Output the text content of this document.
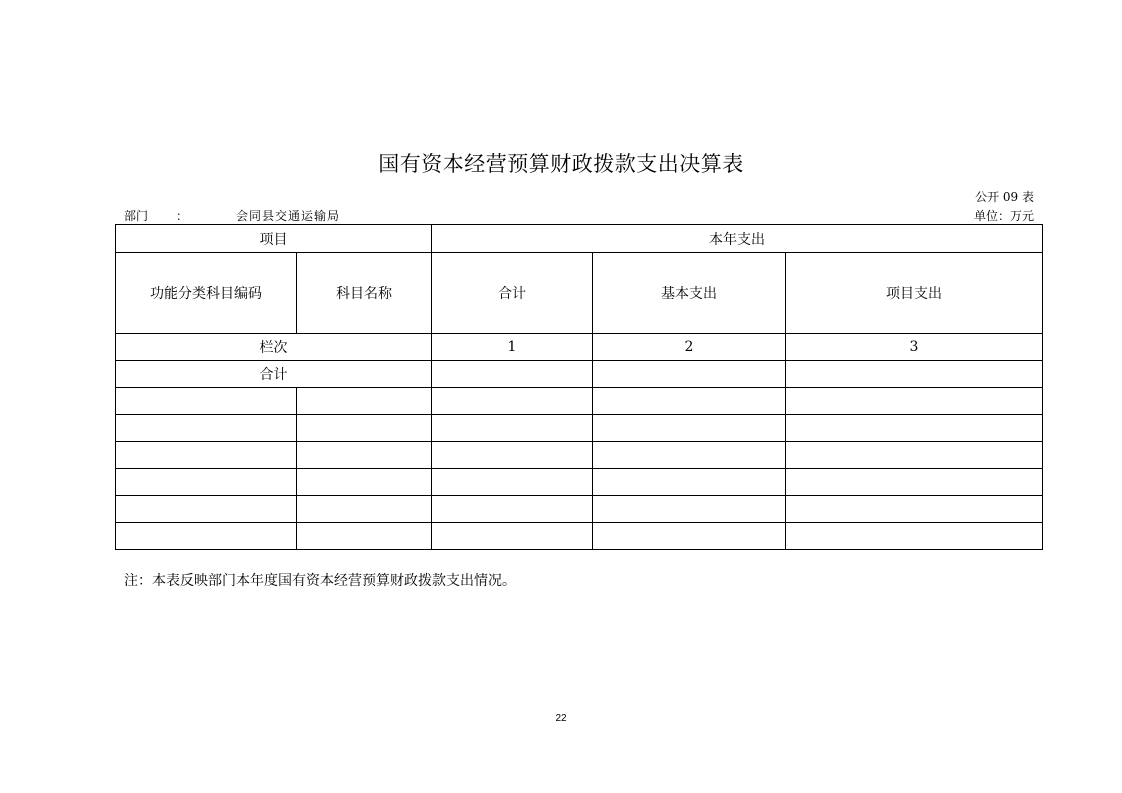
国有资本经营预算财政拨款支出决算表
公开 09 表
部门 ：	会同县交通运输局	单位：万元
项目		本年支出		
功能分类科目编码	科目名称	合计	基本支出	项目支出
栏次		1	2	3
合计				

注：本表反映部门本年度国有资本经营预算财政拨款支出情况。
22
